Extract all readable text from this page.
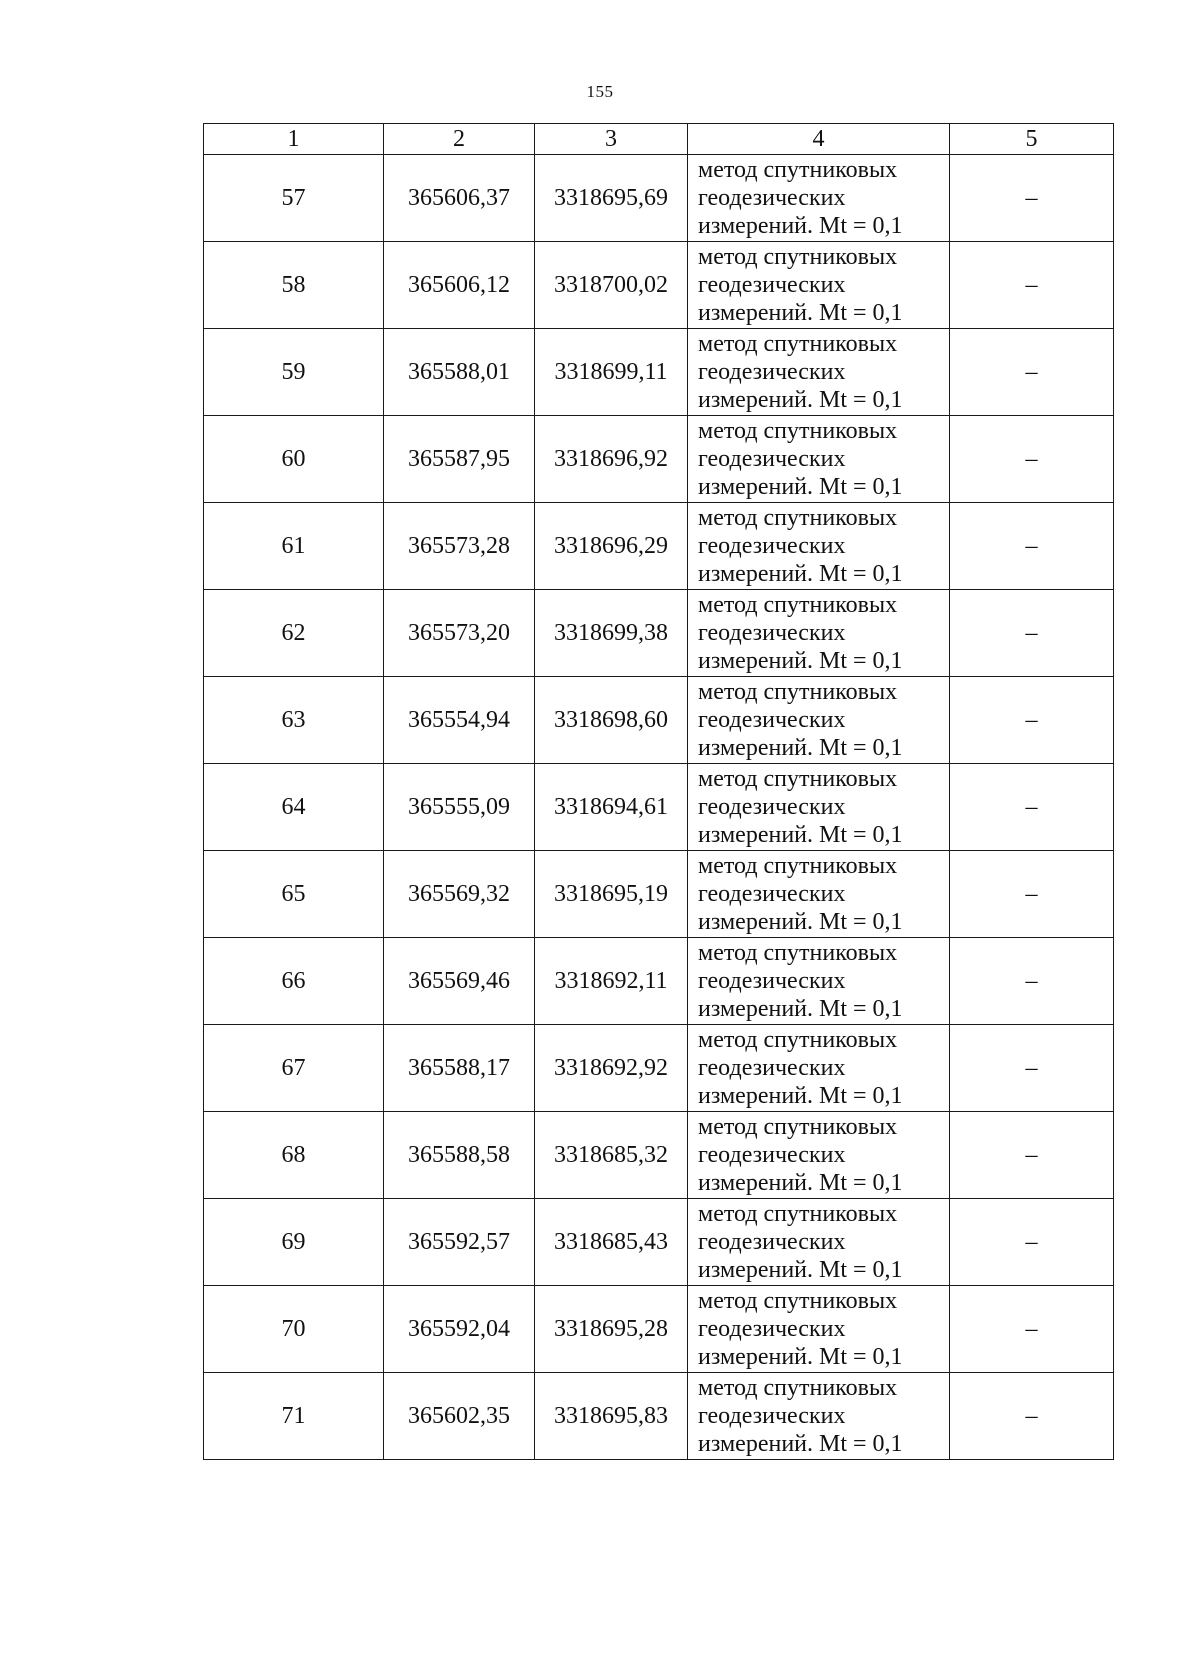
155
1	2	3	4	5
57	365606,37	3318695,69	метод спутниковых
геодезических
измерений. Mt = 0,1	–
58	365606,12	3318700,02	метод спутниковых
геодезических
измерений. Mt = 0,1	–
59	365588,01	3318699,11	метод спутниковых
геодезических
измерений. Mt = 0,1	–
60	365587,95	3318696,92	метод спутниковых
геодезических
измерений. Mt = 0,1	–
61	365573,28	3318696,29	метод спутниковых
геодезических
измерений. Mt = 0,1	–
62	365573,20	3318699,38	метод спутниковых
геодезических
измерений. Mt = 0,1	–
63	365554,94	3318698,60	метод спутниковых
геодезических
измерений. Mt = 0,1	–
64	365555,09	3318694,61	метод спутниковых
геодезических
измерений. Mt = 0,1	–
65	365569,32	3318695,19	метод спутниковых
геодезических
измерений. Mt = 0,1	–
66	365569,46	3318692,11	метод спутниковых
геодезических
измерений. Mt = 0,1	–
67	365588,17	3318692,92	метод спутниковых
геодезических
измерений. Mt = 0,1	–
68	365588,58	3318685,32	метод спутниковых
геодезических
измерений. Mt = 0,1	–
69	365592,57	3318685,43	метод спутниковых
геодезических
измерений. Mt = 0,1	–
70	365592,04	3318695,28	метод спутниковых
геодезических
измерений. Mt = 0,1	–
71	365602,35	3318695,83	метод спутниковых
геодезических
измерений. Mt = 0,1	–
